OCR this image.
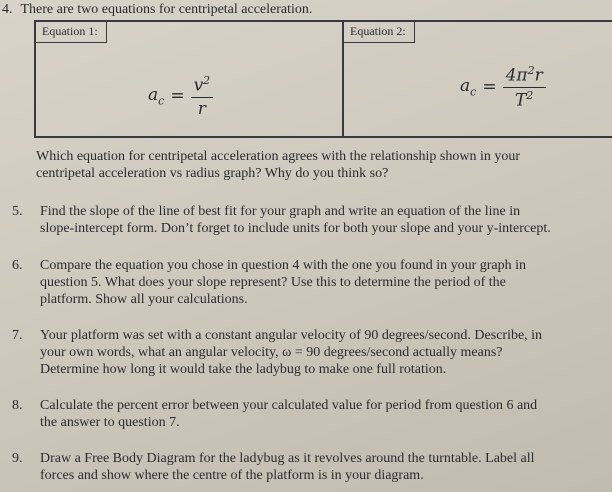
4. There are two equations for centripetal acceleration.
Equation 1:
$a_c = \frac{v^2}{r}$
Equation 2:
$a_c = \frac{4\pi^2r}{T^2}$
Which equation for centripetal acceleration agrees with the relationship shown in your
centripetal acceleration vs radius graph? Why do you think so?
5.	Find the slope of the line of best fit for your graph and write an equation of the line in
slope-intercept form. Don’t forget to include units for both your slope and your y-intercept.
6.	Compare the equation you chose in question 4 with the one you found in your graph in
question 5. What does your slope represent? Use this to determine the period of the
platform. Show all your calculations.
7.	Your platform was set with a constant angular velocity of 90 degrees/second. Describe, in
your own words, what an angular velocity, ω = 90 degrees/second actually means?
Determine how long it would take the ladybug to make one full rotation.
8.	Calculate the percent error between your calculated value for period from question 6 and
the answer to question 7.
9.	Draw a Free Body Diagram for the ladybug as it revolves around the turntable. Label all
forces and show where the centre of the platform is in your diagram.
